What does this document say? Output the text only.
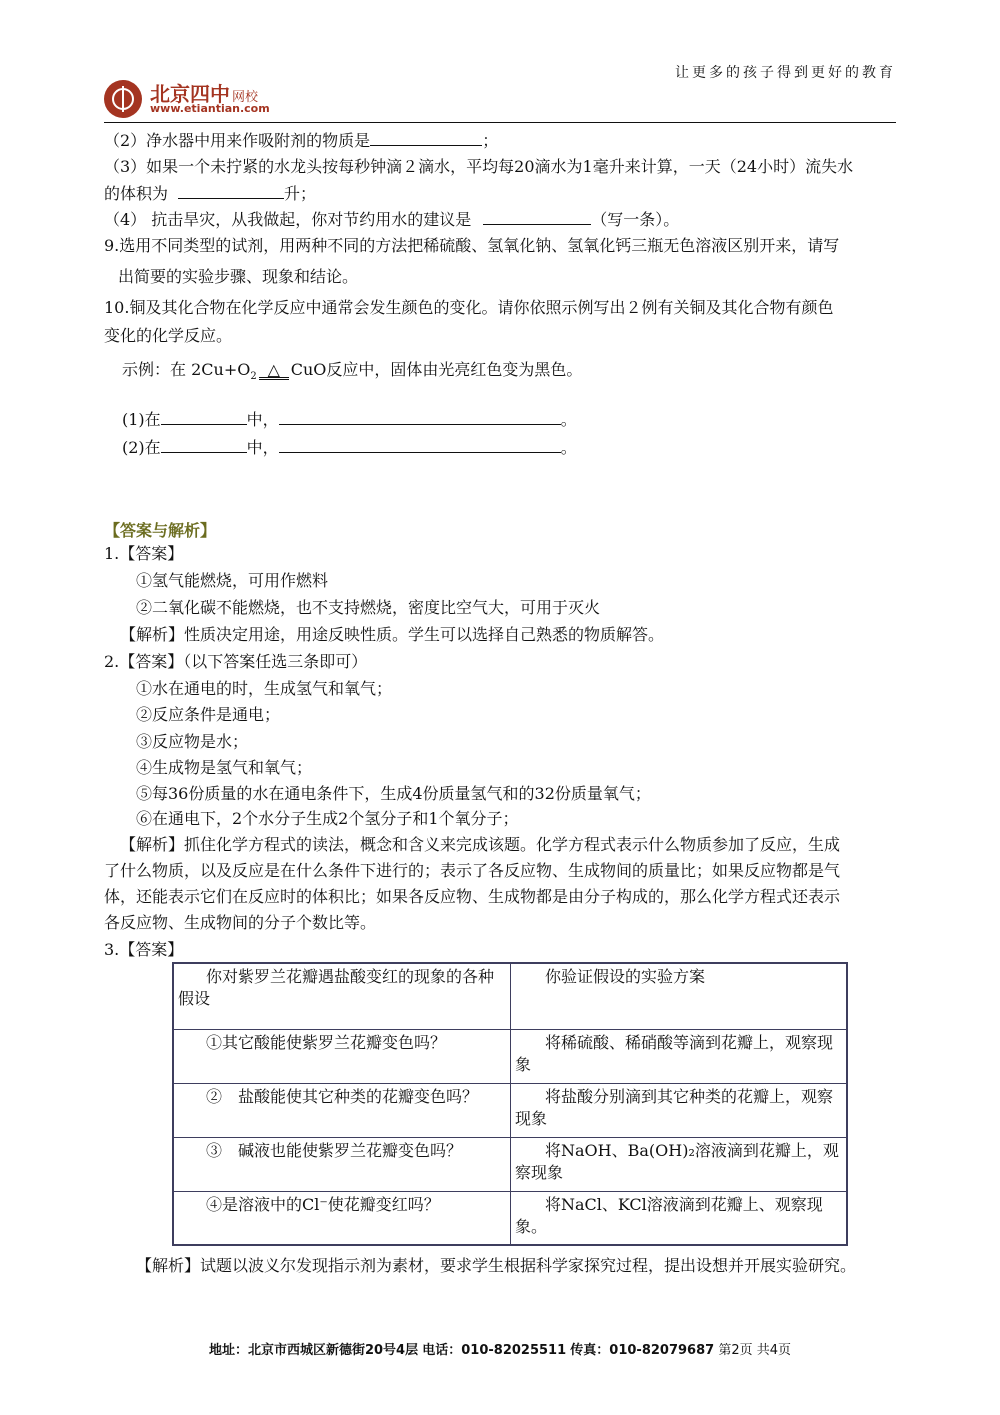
让更多的孩子得到更好的教育
北京四中 网校
www.etiantian.com
（2）净水器中用来作吸附剂的物质是	；
（3）如果一个未拧紧的水龙头按每秒钟滴２滴水，平均每20滴水为1毫升来计算，一天（24小时）流失水
的体积为	升；
（4） 抗击旱灾，从我做起，你对节约用水的建议是	（写一条）。
9.选用不同类型的试剂，用两种不同的方法把稀硫酸、氢氧化钠、氢氧化钙三瓶无色溶液区别开来，请写
出简要的实验步骤、现象和结论。
10.铜及其化合物在化学反应中通常会发生颜色的变化。请你依照示例写出２例有关铜及其化合物有颜色
变化的化学反应。
示例：在 $2Cu+O_2$ △ CuO反应中，固体由光亮红色变为黑色。
(1)在	中，	。
(2)在	中，	。
【答案与解析】
1.【答案】
①氢气能燃烧，可用作燃料
②二氧化碳不能燃烧，也不支持燃烧，密度比空气大，可用于灭火
【解析】性质决定用途，用途反映性质。学生可以选择自己熟悉的物质解答。
2.【答案】（以下答案任选三条即可）
①水在通电的时，生成氢气和氧气；
②反应条件是通电；
③反应物是水；
④生成物是氢气和氧气；
⑤每36份质量的水在通电条件下，生成4份质量氢气和的32份质量氧气；
⑥在通电下，2个水分子生成2个氢分子和1个氧分子；
【解析】抓住化学方程式的读法，概念和含义来完成该题。化学方程式表示什么物质参加了反应，生成
了什么物质，以及反应是在什么条件下进行的；表示了各反应物、生成物间的质量比；如果反应物都是气
体，还能表示它们在反应时的体积比；如果各反应物、生成物都是由分子构成的，那么化学方程式还表示
各反应物、生成物间的分子个数比等。
3.【答案】
你对紫罗兰花瓣遇盐酸变红的现象的各种假设	你验证假设的实验方案
①其它酸能使紫罗兰花瓣变色吗？	将稀硫酸、稀硝酸等滴到花瓣上，观察现象
②　盐酸能使其它种类的花瓣变色吗？	将盐酸分别滴到其它种类的花瓣上，观察现象
③　碱液也能使紫罗兰花瓣变色吗？	将NaOH、Ba(OH)₂溶液滴到花瓣上，观察现象
④是溶液中的Cl⁻使花瓣变红吗？	将NaCl、KCl溶液滴到花瓣上、观察现象。
【解析】试题以波义尔发现指示剂为素材，要求学生根据科学家探究过程，提出设想并开展实验研究。
地址：北京市西城区新德街20号4层 电话：010-82025511 传真：010-82079687 第2页 共4页
